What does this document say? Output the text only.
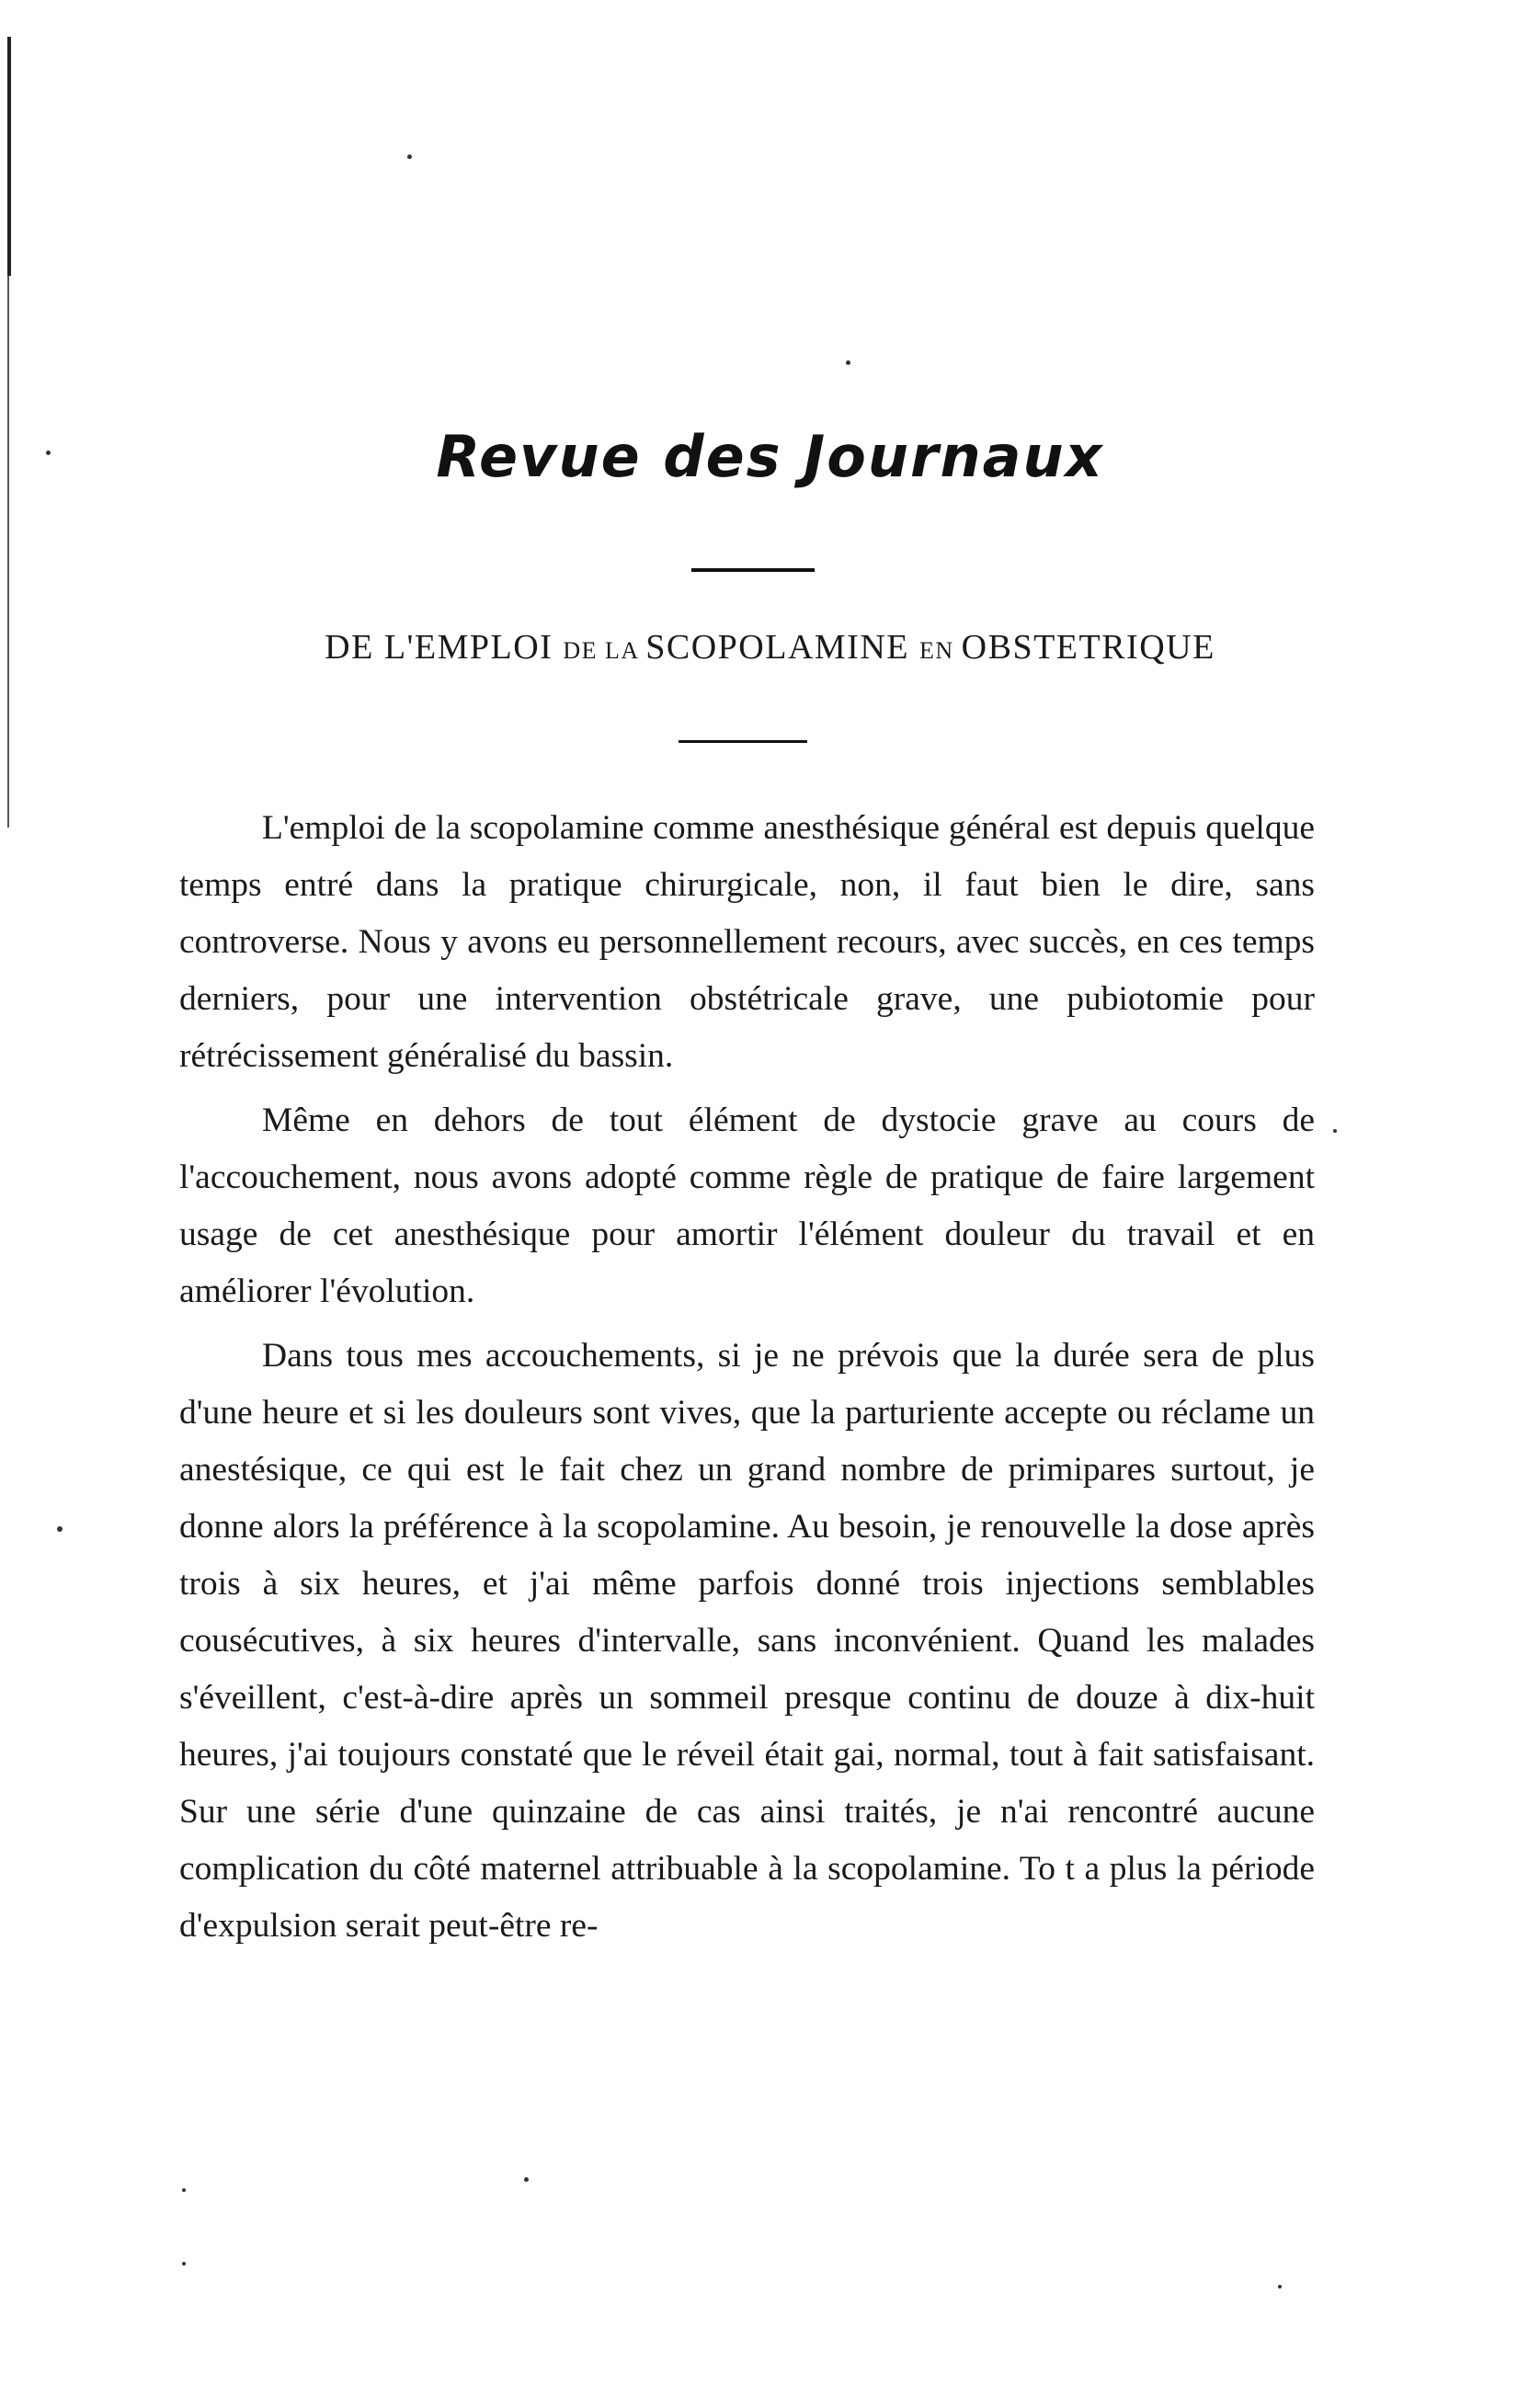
Revue des Journaux
DE L'EMPLOI DE LA SCOPOLAMINE EN OBSTETRIQUE

L'emploi de la scopolamine comme anesthésique général est depuis quelque temps entré dans la pratique chirurgicale, non, il faut bien le dire, sans controverse. Nous y avons eu personnellement recours, avec succès, en ces temps derniers, pour une intervention obstétricale grave, une pubiotomie pour rétrécissement généralisé du bassin.

Même en dehors de tout élément de dystocie grave au cours de l'accouchement, nous avons adopté comme règle de pratique de faire largement usage de cet anesthésique pour amortir l'élément douleur du travail et en améliorer l'évolution.

Dans tous mes accouchements, si je ne prévois que la durée sera de plus d'une heure et si les douleurs sont vives, que la parturiente accepte ou réclame un anestésique, ce qui est le fait chez un grand nombre de primipares surtout, je donne alors la préférence à la scopolamine. Au besoin, je renouvelle la dose après trois à six heures, et j'ai même parfois donné trois injections semblables cousécutives, à six heures d'intervalle, sans inconvénient. Quand les malades s'éveillent, c'est-à-dire après un sommeil presque continu de douze à dix-huit heures, j'ai toujours constaté que le réveil était gai, normal, tout à fait satisfaisant. Sur une série d'une quinzaine de cas ainsi traités, je n'ai rencontré aucune complication du côté maternel attribuable à la scopolamine. To t a plus la période d'expulsion serait peut-être re-
